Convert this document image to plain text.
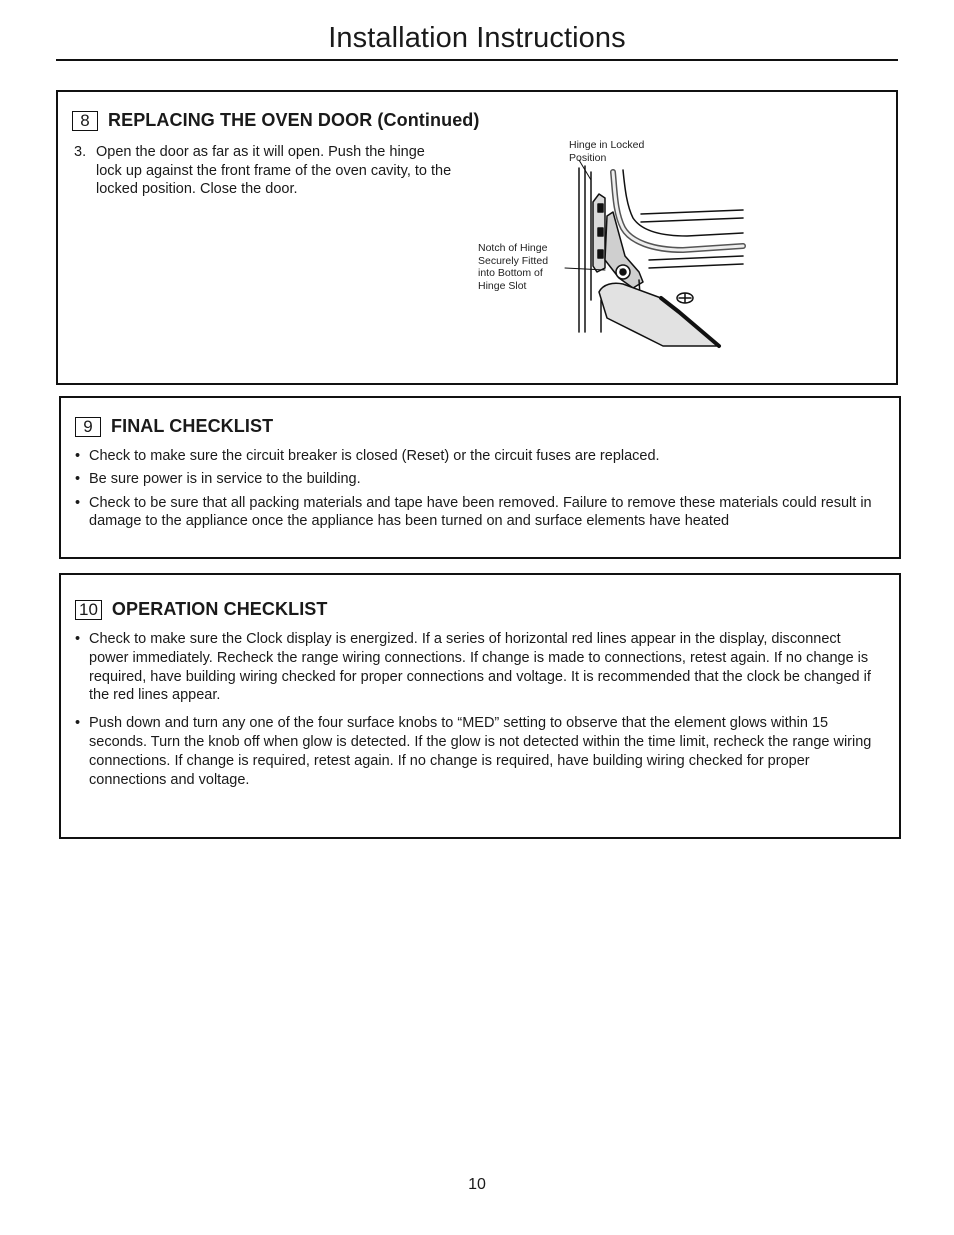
Installation Instructions
8	REPLACING THE OVEN DOOR (Continued)
3. Open the door as far as it will open. Push the hinge lock up against the front frame of the oven cavity, to the locked position. Close the door.
Hinge in Locked
Position
Notch of Hinge
Securely Fitted
into Bottom of
Hinge Slot
9	FINAL CHECKLIST
• Check to make sure the circuit breaker is closed (Reset) or the circuit fuses are replaced.
• Be sure power is in service to the building.
• Check to be sure that all packing materials and tape have been removed. Failure to remove these materials could result in damage to the appliance once the appliance has been turned on and surface elements have heated
10 OPERATION CHECKLIST
• Check to make sure the Clock display is energized. If a series of horizontal red lines appear in the display, disconnect power immediately. Recheck the range wiring connections. If change is made to connections, retest again. If no change is required, have building wiring checked for proper connections and voltage. It is recommended that the clock be changed if the red lines appear.
• Push down and turn any one of the four surface knobs to “MED” setting to observe that the element glows within 15 seconds. Turn the knob off when glow is detected. If the glow is not detected within the time limit, recheck the range wiring connections. If change is required, retest again. If no change is required, have building wiring checked for proper connections and voltage.
10
